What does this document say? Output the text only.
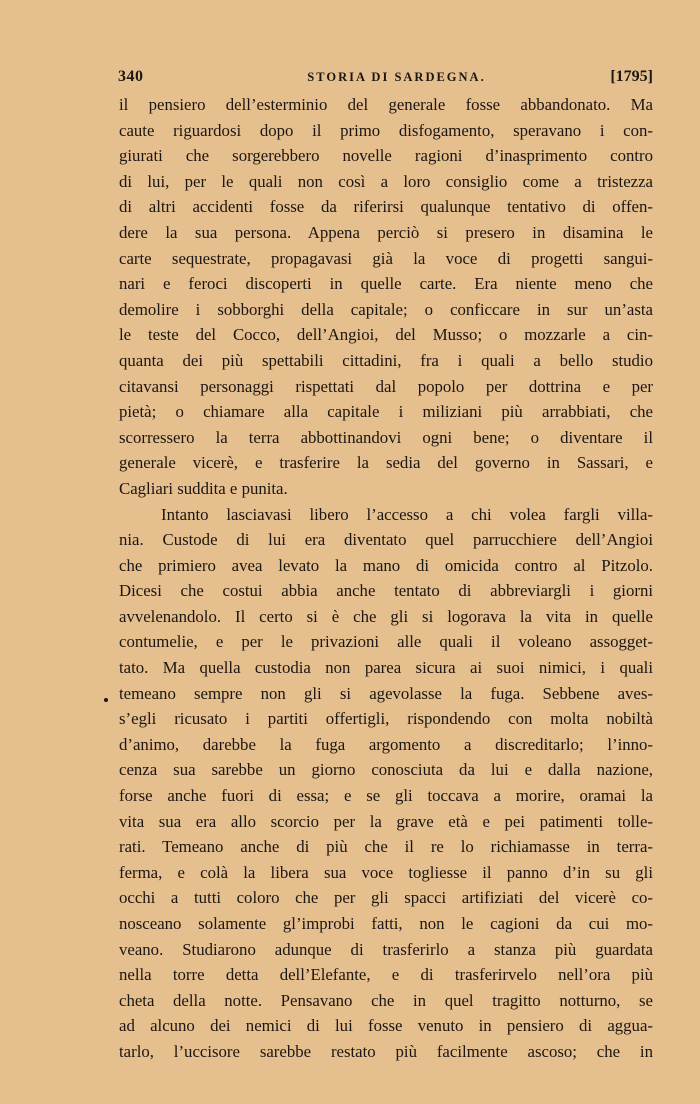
340	STORIA DI SARDEGNA.	[1795]
il pensiero dell’esterminio del generale fosse abbandonato. Ma
caute riguardosi dopo il primo disfogamento, speravano i con-
giurati che sorgerebbero novelle ragioni d’inasprimento contro
di lui, per le quali non così a loro consiglio come a tristezza
di altri accidenti fosse da riferirsi qualunque tentativo di offen-
dere la sua persona. Appena perciò si presero in disamina le
carte sequestrate, propagavasi già la voce di progetti sangui-
nari e feroci discoperti in quelle carte. Era niente meno che
demolire i sobborghi della capitale; o conficcare in sur un’asta
le teste del Cocco, dell’Angioi, del Musso; o mozzarle a cin-
quanta dei più spettabili cittadini, fra i quali a bello studio
citavansi personaggi rispettati dal popolo per dottrina e per
pietà; o chiamare alla capitale i miliziani più arrabbiati, che
scorressero la terra abbottinandovi ogni bene; o diventare il
generale vicerè, e trasferire la sedia del governo in Sassari, e
Cagliari suddita e punita.
Intanto lasciavasi libero l’accesso a chi volea fargli villa-
nia. Custode di lui era diventato quel parrucchiere dell’Angioi
che primiero avea levato la mano di omicida contro al Pitzolo.
Dicesi che costui abbia anche tentato di abbreviargli i giorni
avvelenandolo. Il certo si è che gli si logorava la vita in quelle
contumelie, e per le privazioni alle quali il voleano assogget-
tato. Ma quella custodia non parea sicura ai suoi nimici, i quali
temeano sempre non gli si agevolasse la fuga. Sebbene aves-
s’egli ricusato i partiti offertigli, rispondendo con molta nobiltà
d’animo, darebbe la fuga argomento a discreditarlo; l’inno-
cenza sua sarebbe un giorno conosciuta da lui e dalla nazione,
forse anche fuori di essa; e se gli toccava a morire, oramai la
vita sua era allo scorcio per la grave età e pei patimenti tolle-
rati. Temeano anche di più che il re lo richiamasse in terra-
ferma, e colà la libera sua voce togliesse il panno d’in su gli
occhi a tutti coloro che per gli spacci artifiziati del vicerè co-
nosceano solamente gl’improbi fatti, non le cagioni da cui mo-
veano. Studiarono adunque di trasferirlo a stanza più guardata
nella torre detta dell’Elefante, e di trasferirvelo nell’ora più
cheta della notte. Pensavano che in quel tragitto notturno, se
ad alcuno dei nemici di lui fosse venuto in pensiero di aggua-
tarlo, l’uccisore sarebbe restato più facilmente ascoso; che in
